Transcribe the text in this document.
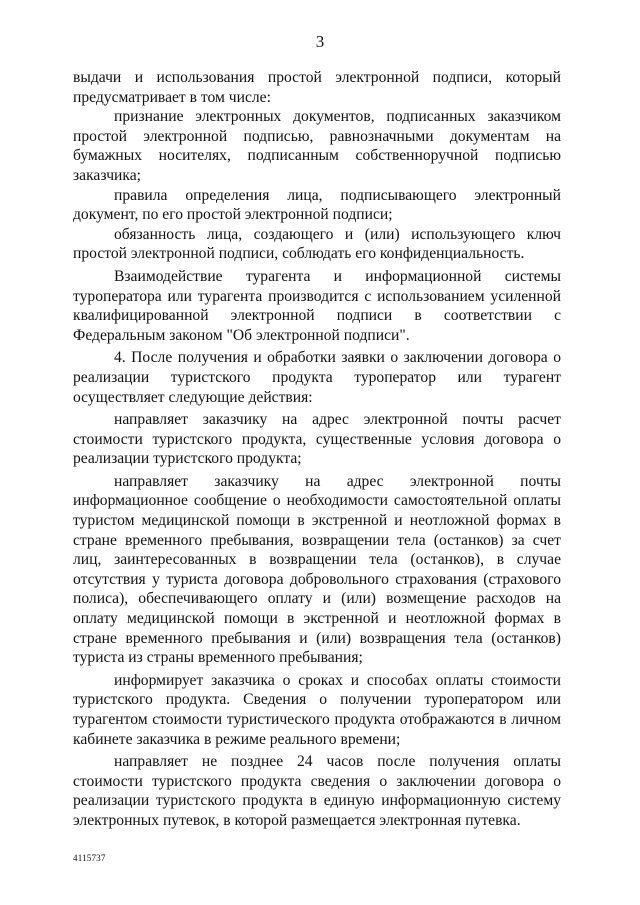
3

выдачи и использования простой электронной подписи, который предусматривает в том числе:

признание электронных документов, подписанных заказчиком простой электронной подписью, равнозначными документам на бумажных носителях, подписанным собственноручной подписью заказчика;

правила определения лица, подписывающего электронный документ, по его простой электронной подписи;

обязанность лица, создающего и (или) использующего ключ простой электронной подписи, соблюдать его конфиденциальность.

Взаимодействие турагента и информационной системы туроператора или турагента производится с использованием усиленной квалифицированной электронной подписи в соответствии с Федеральным законом "Об электронной подписи".

4. После получения и обработки заявки о заключении договора о реализации туристского продукта туроператор или турагент осуществляет следующие действия:

направляет заказчику на адрес электронной почты расчет стоимости туристского продукта, существенные условия договора о реализации туристского продукта;

направляет заказчику на адрес электронной почты информационное сообщение о необходимости самостоятельной оплаты туристом медицинской помощи в экстренной и неотложной формах в стране временного пребывания, возвращении тела (останков) за счет лиц, заинтересованных в возвращении тела (останков), в случае отсутствия у туриста договора добровольного страхования (страхового полиса), обеспечивающего оплату и (или) возмещение расходов на оплату медицинской помощи в экстренной и неотложной формах в стране временного пребывания и (или) возвращения тела (останков) туриста из страны временного пребывания;

информирует заказчика о сроках и способах оплаты стоимости туристского продукта. Сведения о получении туроператором или турагентом стоимости туристического продукта отображаются в личном кабинете заказчика в режиме реального времени;

направляет не позднее 24 часов после получения оплаты стоимости туристского продукта сведения о заключении договора о реализации туристского продукта в единую информационную систему электронных путевок, в которой размещается электронная путевка.

4115737
